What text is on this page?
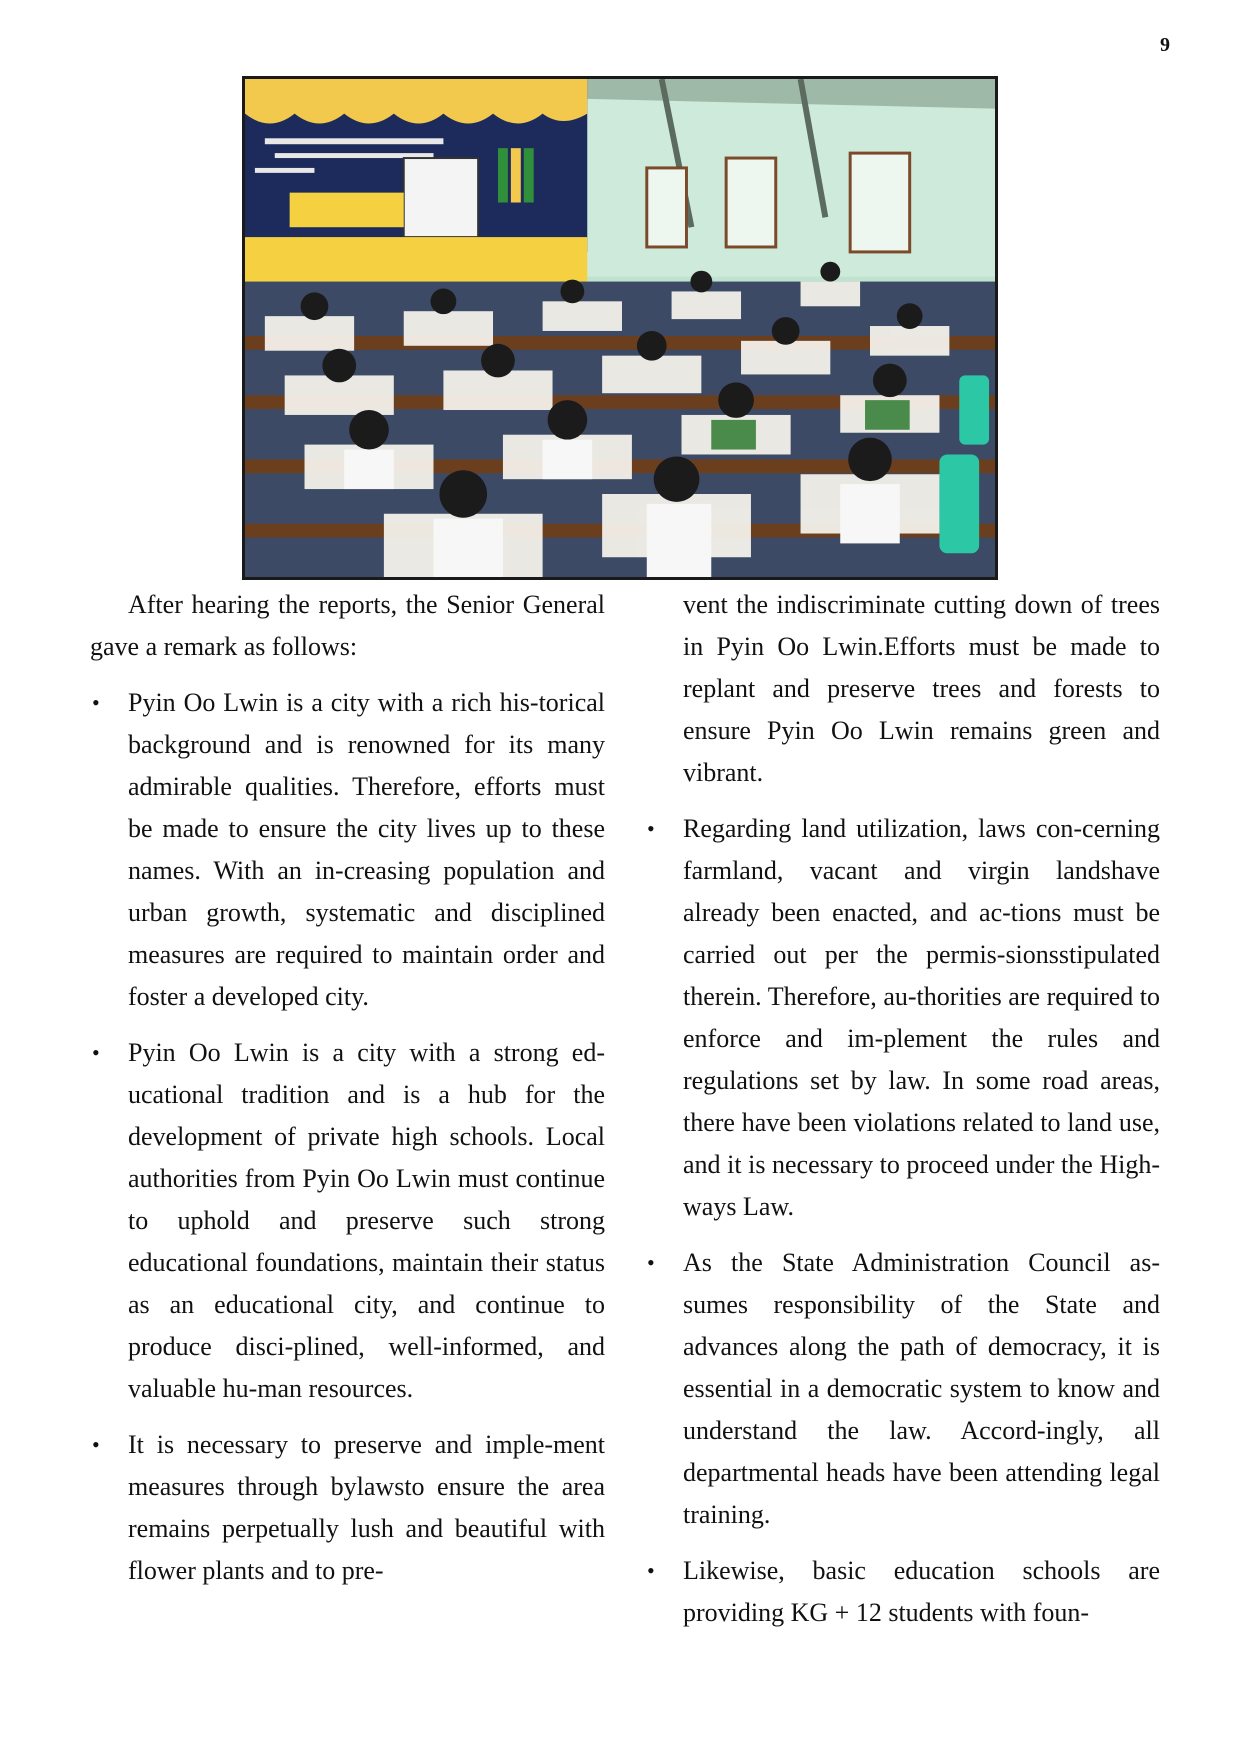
9

After hearing the reports, the Senior General gave a remark as follows:

• Pyin Oo Lwin is a city with a rich his-torical background and is renowned for its many admirable qualities. Therefore, efforts must be made to ensure the city lives up to these names. With an in-creasing population and urban growth, systematic and disciplined measures are required to maintain order and foster a developed city.
• Pyin Oo Lwin is a city with a strong ed-ucational tradition and is a hub for the development of private high schools. Local authorities from Pyin Oo Lwin must continue to uphold and preserve such strong educational foundations, maintain their status as an educational city, and continue to produce disci-plined, well-informed, and valuable hu-man resources.
• It is necessary to preserve and imple-ment measures through bylawsto ensure the area remains perpetually lush and beautiful with flower plants and to pre-
vent the indiscriminate cutting down of trees in Pyin Oo Lwin.Efforts must be made to replant and preserve trees and forests to ensure Pyin Oo Lwin remains green and vibrant.
• Regarding land utilization, laws con-cerning farmland, vacant and virgin landshave already been enacted, and ac-tions must be carried out per the permis-sionsstipulated therein. Therefore, au-thorities are required to enforce and im-plement the rules and regulations set by law. In some road areas, there have been violations related to land use, and it is necessary to proceed under the High-ways Law.
• As the State Administration Council as-sumes responsibility of the State and advances along the path of democracy, it is essential in a democratic system to know and understand the law. Accord-ingly, all departmental heads have been attending legal training.
• Likewise, basic education schools are providing KG + 12 students with foun-
